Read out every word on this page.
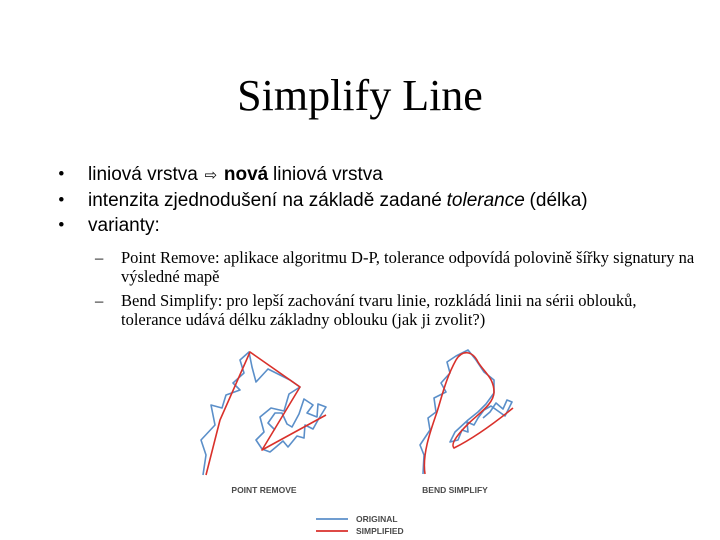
Simplify Line
• liniová vrstva ⇨ nová liniová vrstva
• intenzita zjednodušení na základě zadané tolerance (délka)
• varianty:
– Point Remove: aplikace algoritmu D-P, tolerance odpovídá polovině šířky signatury na výsledné mapě
– Bend Simplify: pro lepší zachování tvaru linie, rozkládá linii na sérii oblouků, tolerance udává délku základny oblouku (jak ji zvolit?)
POINT REMOVE	BEND SIMPLIFY
ORIGINAL
SIMPLIFIED
